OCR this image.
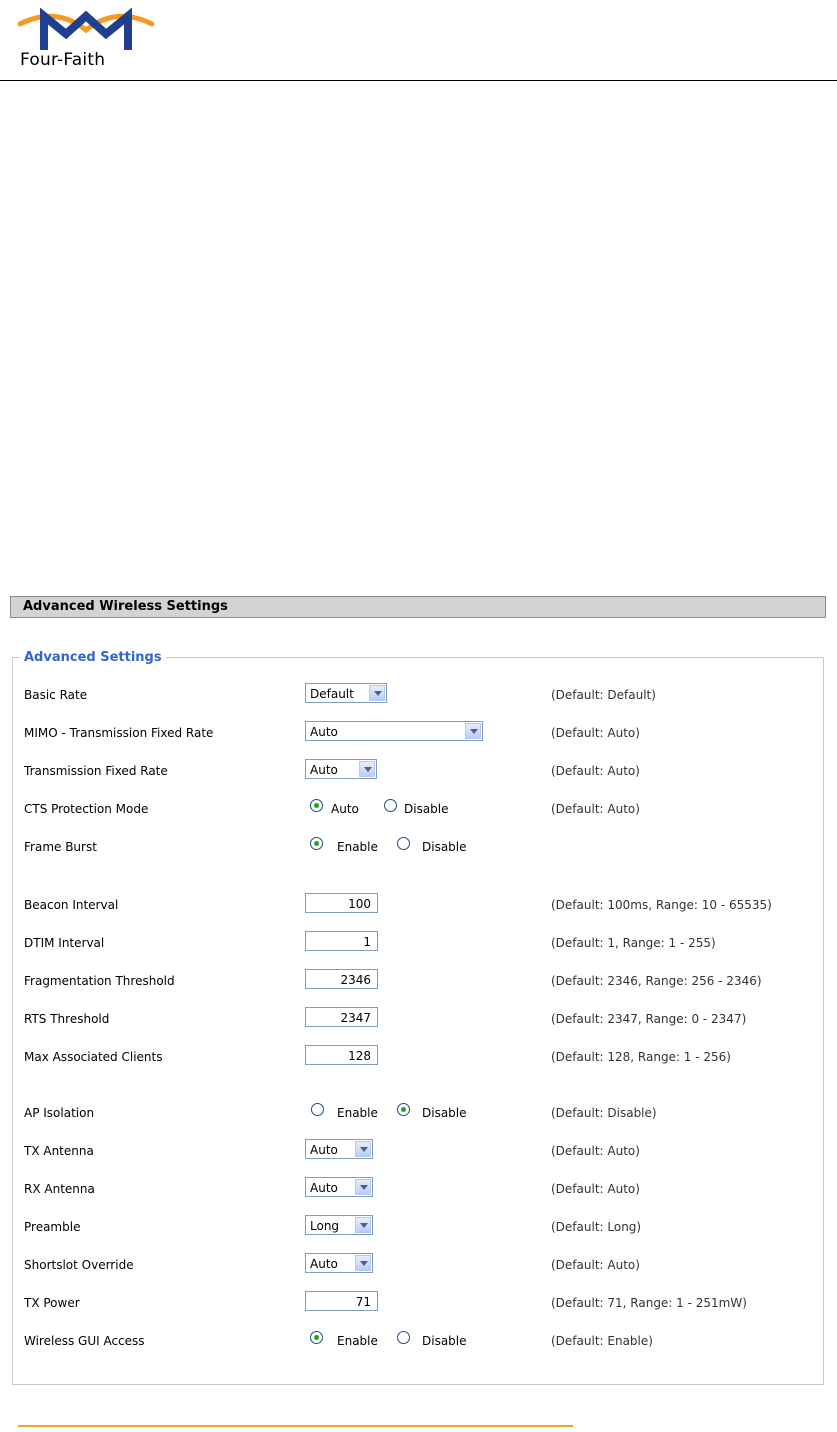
Four-Faith
Advanced Wireless Settings
Advanced Settings
Basic Rate	Default	(Default: Default)
MIMO - Transmission Fixed Rate	Auto	(Default: Auto)
Transmission Fixed Rate	Auto	(Default: Auto)
CTS Protection Mode	Auto	Disable	(Default: Auto)
Frame Burst	Enable	Disable
Beacon Interval	100	(Default: 100ms, Range: 10 - 65535)
DTIM Interval	1	(Default: 1, Range: 1 - 255)
Fragmentation Threshold	2346	(Default: 2346, Range: 256 - 2346)
RTS Threshold	2347	(Default: 2347, Range: 0 - 2347)
Max Associated Clients	128	(Default: 128, Range: 1 - 256)
AP Isolation	Enable	Disable	(Default: Disable)
TX Antenna	Auto	(Default: Auto)
RX Antenna	Auto	(Default: Auto)
Preamble	Long	(Default: Long)
Shortslot Override	Auto	(Default: Auto)
TX Power	71	(Default: 71, Range: 1 - 251mW)
Wireless GUI Access	Enable	Disable	(Default: Enable)
